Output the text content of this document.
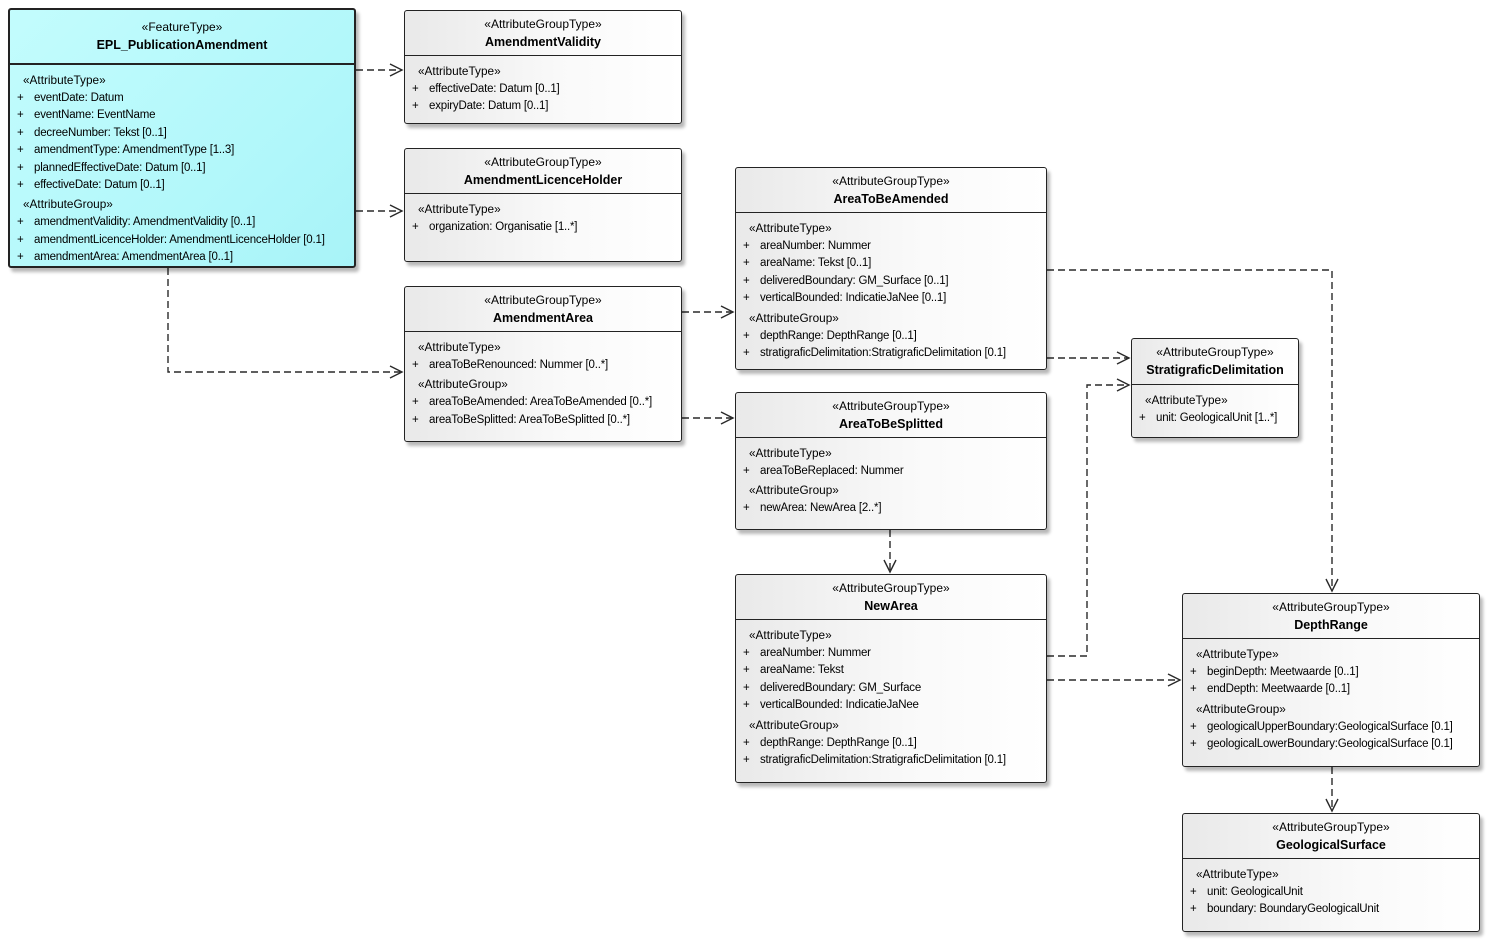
«FeatureType»
EPL_PublicationAmendment
«AttributeType»
+ eventDate: Datum
+ eventName: EventName
+ decreeNumber: Tekst [0..1]
+ amendmentType: AmendmentType [1..3]
+ plannedEffectiveDate: Datum [0..1]
+ effectiveDate: Datum [0..1]
«AttributeGroup»
+ amendmentValidity: AmendmentValidity [0..1]
+ amendmentLicenceHolder: AmendmentLicenceHolder [0.1]
+ amendmentArea: AmendmentArea [0..1]
«AttributeGroupType»
AmendmentValidity
«AttributeType»
+ effectiveDate: Datum [0..1]
+ expiryDate: Datum [0..1]
«AttributeGroupType»
AmendmentLicenceHolder
«AttributeType»
+ organization: Organisatie [1..*]
«AttributeGroupType»
AmendmentArea
«AttributeType»
+ areaToBeRenounced: Nummer [0..*]
«AttributeGroup»
+ areaToBeAmended: AreaToBeAmended [0..*]
+ areaToBeSplitted: AreaToBeSplitted [0..*]
«AttributeGroupType»
AreaToBeAmended
«AttributeType»
+ areaNumber: Nummer
+ areaName: Tekst [0..1]
+ deliveredBoundary: GM_Surface [0..1]
+ verticalBounded: IndicatieJaNee [0..1]
«AttributeGroup»
+ depthRange: DepthRange [0..1]
+ stratigraficDelimitation:StratigraficDelimitation [0.1]
«AttributeGroupType»
AreaToBeSplitted
«AttributeType»
+ areaToBeReplaced: Nummer
«AttributeGroup»
+ newArea: NewArea [2..*]
«AttributeGroupType»
StratigraficDelimitation
«AttributeType»
+ unit: GeologicalUnit [1..*]
«AttributeGroupType»
NewArea
«AttributeType»
+ areaNumber: Nummer
+ areaName: Tekst
+ deliveredBoundary: GM_Surface
+ verticalBounded: IndicatieJaNee
«AttributeGroup»
+ depthRange: DepthRange [0..1]
+ stratigraficDelimitation:StratigraficDelimitation [0.1]
«AttributeGroupType»
DepthRange
«AttributeType»
+ beginDepth: Meetwaarde [0..1]
+ endDepth: Meetwaarde [0..1]
«AttributeGroup»
+ geologicalUpperBoundary:GeologicalSurface [0.1]
+ geologicalLowerBoundary:GeologicalSurface [0.1]
«AttributeGroupType»
GeologicalSurface
«AttributeType»
+ unit: GeologicalUnit
+ boundary: BoundaryGeologicalUnit
